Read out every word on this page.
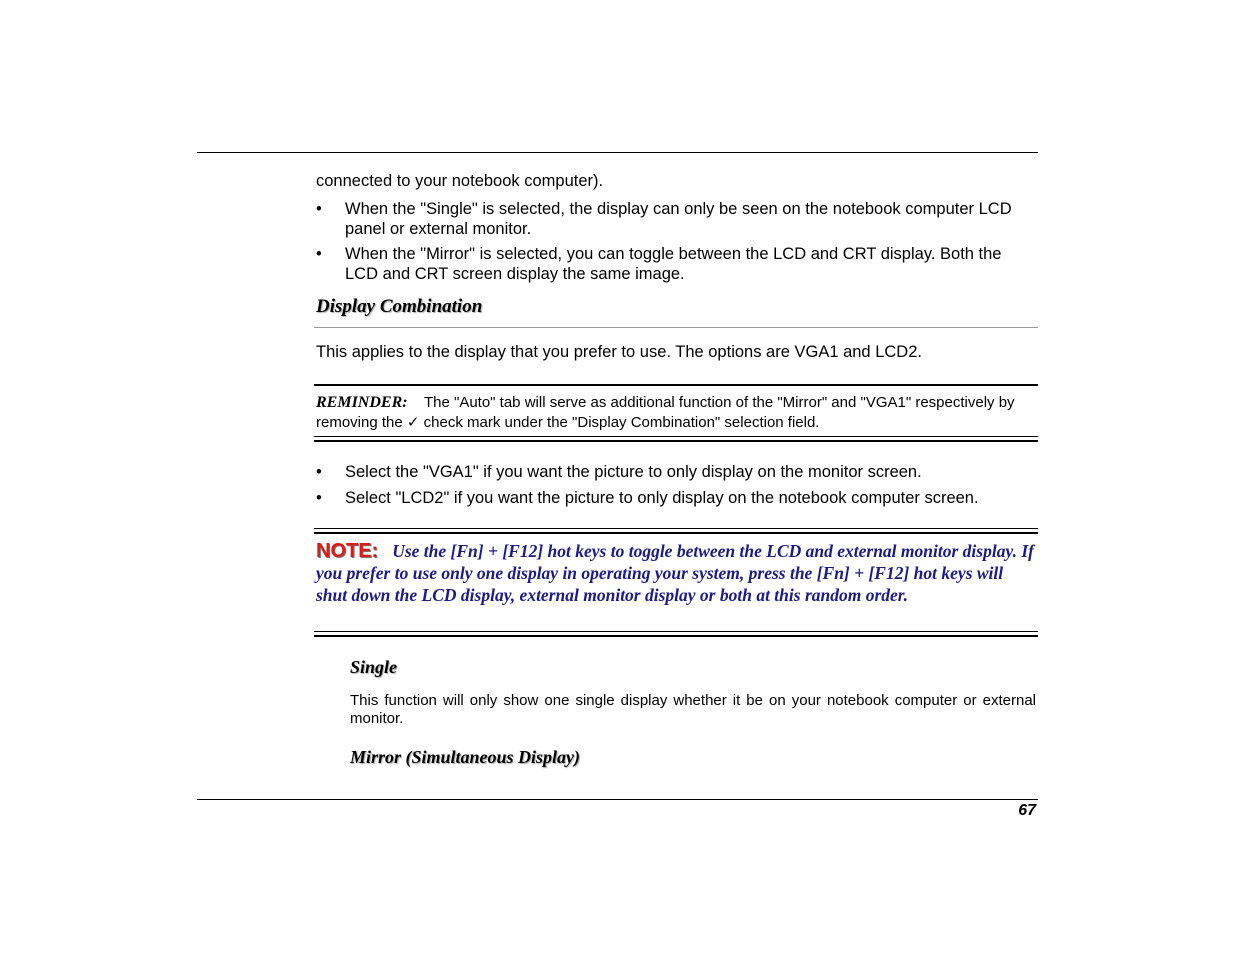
connected to your notebook computer).
•	When the "Single" is selected, the display can only be seen on the notebook computer LCD panel or external monitor.
•	When the "Mirror" is selected, you can toggle between the LCD and CRT display. Both the LCD and CRT screen display the same image.
Display Combination
This applies to the display that you prefer to use. The options are VGA1 and LCD2.
REMINDER: The "Auto" tab will serve as additional function of the "Mirror" and "VGA1" respectively by removing the ✓ check mark under the "Display Combination" selection field.
•	Select the "VGA1" if you want the picture to only display on the monitor screen.
•	Select "LCD2" if you want the picture to only display on the notebook computer screen.
NOTE: Use the [Fn] + [F12] hot keys to toggle between the LCD and external monitor display. If you prefer to use only one display in operating your system, press the [Fn] + [F12] hot keys will shut down the LCD display, external monitor display or both at this random order.
Single
This function will only show one single display whether it be on your notebook computer or external monitor.
Mirror (Simultaneous Display)
67
